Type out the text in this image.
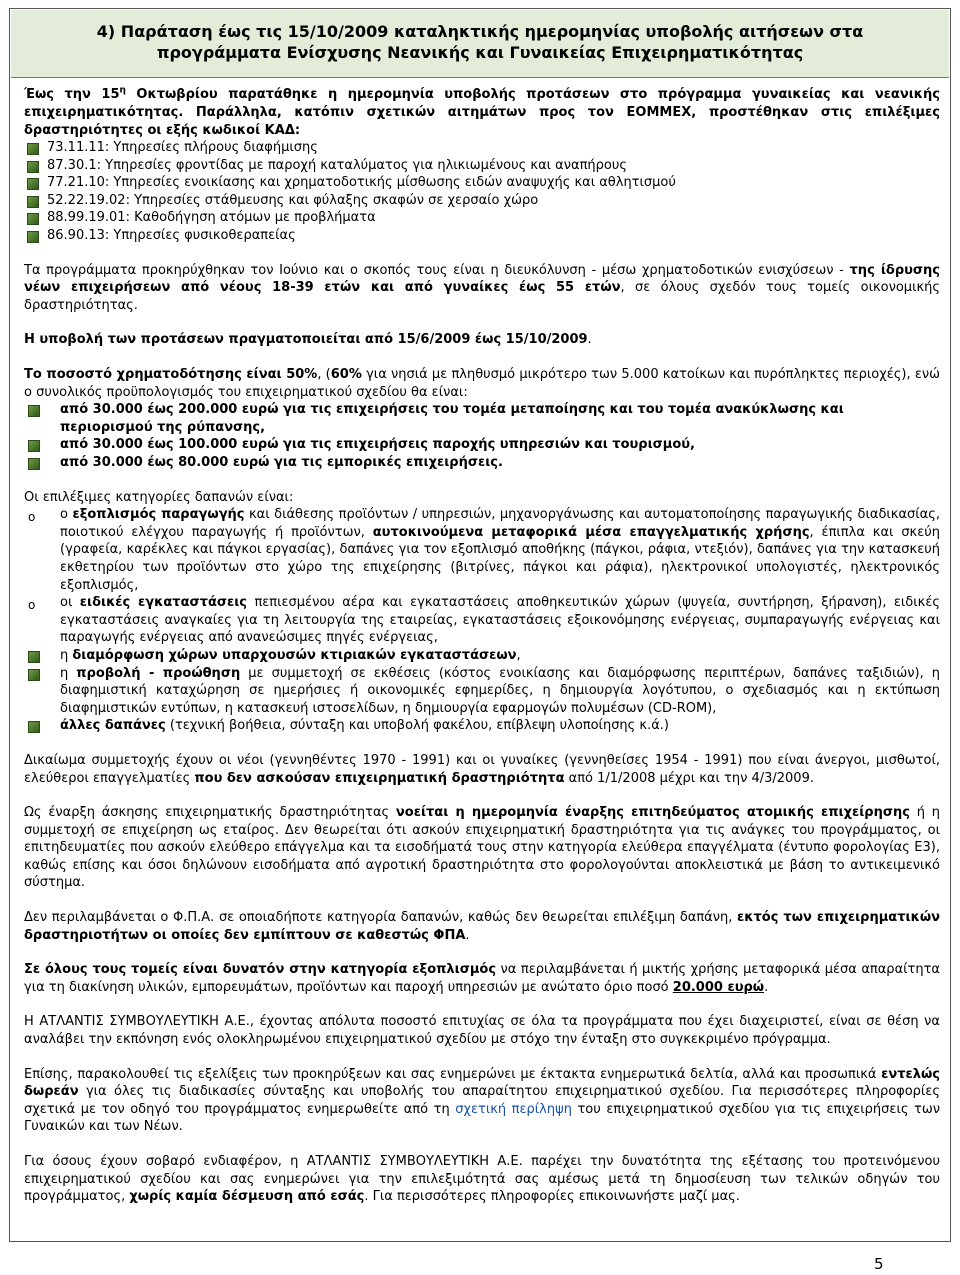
4) Παράταση έως τις 15/10/2009 καταληκτικής ημερομηνίας υποβολής αιτήσεων στα
προγράμματα Ενίσχυσης Νεανικής και Γυναικείας Επιχειρηματικότητας

Έως την $15^\eta$ Οκτωβρίου παρατάθηκε η ημερομηνία υποβολής προτάσεων στο πρόγραμμα γυναικείας και νεανικής επιχειρηματικότητας. Παράλληλα, κατόπιν σχετικών αιτημάτων προς τον ΕΟΜΜΕΧ, προστέθηκαν στις επιλέξιμες δραστηριότητες οι εξής κωδικοί ΚΑΔ:

73.11.11: Υπηρεσίες πλήρους διαφήμισης
87.30.1: Υπηρεσίες φροντίδας με παροχή καταλύματος για ηλικιωμένους και αναπήρους
77.21.10: Υπηρεσίες ενοικίασης και χρηματοδοτικής μίσθωσης ειδών αναψυχής και αθλητισμού
52.22.19.02: Υπηρεσίες στάθμευσης και φύλαξης σκαφών σε χερσαίο χώρο
88.99.19.01: Καθοδήγηση ατόμων με προβλήματα
86.90.13: Υπηρεσίες φυσικοθεραπείας

Τα προγράμματα προκηρύχθηκαν τον Ιούνιο και ο σκοπός τους είναι η διευκόλυνση - μέσω χρηματοδοτικών ενισχύσεων - της ίδρυσης νέων επιχειρήσεων από νέους 18-39 ετών και από γυναίκες έως 55 ετών, σε όλους σχεδόν τους τομείς οικονομικής δραστηριότητας.

Η υποβολή των προτάσεων πραγματοποιείται από 15/6/2009 έως 15/10/2009.

Το ποσοστό χρηματοδότησης είναι 50%, (60% για νησιά με πληθυσμό μικρότερο των 5.000 κατοίκων και πυρόπληκτες περιοχές), ενώ ο συνολικός προϋπολογισμός του επιχειρηματικού σχεδίου θα είναι:

από 30.000 έως 200.000 ευρώ για τις επιχειρήσεις του τομέα μεταποίησης και του τομέα ανακύκλωσης και περιορισμού της ρύπανσης,
από 30.000 έως 100.000 ευρώ για τις επιχειρήσεις παροχής υπηρεσιών και τουρισμού,
από 30.000 έως 80.000 ευρώ για τις εμπορικές επιχειρήσεις.

Οι επιλέξιμες κατηγορίες δαπανών είναι:

o ο εξοπλισμός παραγωγής και διάθεσης προϊόντων / υπηρεσιών, μηχανοργάνωσης και αυτοματοποίησης παραγωγικής διαδικασίας, ποιοτικού ελέγχου παραγωγής ή προϊόντων, αυτοκινούμενα μεταφορικά μέσα επαγγελματικής χρήσης, έπιπλα και σκεύη (γραφεία, καρέκλες και πάγκοι εργασίας), δαπάνες για τον εξοπλισμό αποθήκης (πάγκοι, ράφια, ντεξιόν), δαπάνες για την κατασκευή εκθετηρίου των προϊόντων στο χώρο της επιχείρησης (βιτρίνες, πάγκοι και ράφια), ηλεκτρονικοί υπολογιστές, ηλεκτρονικός εξοπλισμός,
o οι ειδικές εγκαταστάσεις πεπιεσμένου αέρα και εγκαταστάσεις αποθηκευτικών χώρων (ψυγεία, συντήρηση, ξήρανση), ειδικές εγκαταστάσεις αναγκαίες για τη λειτουργία της εταιρείας, εγκαταστάσεις εξοικονόμησης ενέργειας, συμπαραγωγής ενέργειας και παραγωγής ενέργειας από ανανεώσιμες πηγές ενέργειας,
η διαμόρφωση χώρων υπαρχουσών κτιριακών εγκαταστάσεων,
η προβολή - προώθηση με συμμετοχή σε εκθέσεις (κόστος ενοικίασης και διαμόρφωσης περιπτέρων, δαπάνες ταξιδιών), η διαφημιστική καταχώρηση σε ημερήσιες ή οικονομικές εφημερίδες, η δημιουργία λογότυπου, ο σχεδιασμός και η εκτύπωση διαφημιστικών εντύπων, η κατασκευή ιστοσελίδων, η δημιουργία εφαρμογών πολυμέσων (CD-ROM),
άλλες δαπάνες (τεχνική βοήθεια, σύνταξη και υποβολή φακέλου, επίβλεψη υλοποίησης κ.ά.)

Δικαίωμα συμμετοχής έχουν οι νέοι (γεννηθέντες 1970 - 1991) και οι γυναίκες (γεννηθείσες 1954 - 1991) που είναι άνεργοι, μισθωτοί, ελεύθεροι επαγγελματίες που δεν ασκούσαν επιχειρηματική δραστηριότητα από 1/1/2008 μέχρι και την 4/3/2009.

Ως έναρξη άσκησης επιχειρηματικής δραστηριότητας νοείται η ημερομηνία έναρξης επιτηδεύματος ατομικής επιχείρησης ή η συμμετοχή σε επιχείρηση ως εταίρος. Δεν θεωρείται ότι ασκούν επιχειρηματική δραστηριότητα για τις ανάγκες του προγράμματος, οι επιτηδευματίες που ασκούν ελεύθερο επάγγελμα και τα εισοδήματά τους στην κατηγορία ελεύθερα επαγγέλματα (έντυπο φορολογίας Ε3), καθώς επίσης και όσοι δηλώνουν εισοδήματα από αγροτική δραστηριότητα στο φορολογούνται αποκλειστικά με βάση το αντικειμενικό σύστημα.

Δεν περιλαμβάνεται ο Φ.Π.Α. σε οποιαδήποτε κατηγορία δαπανών, καθώς δεν θεωρείται επιλέξιμη δαπάνη, εκτός των επιχειρηματικών δραστηριοτήτων οι οποίες δεν εμπίπτουν σε καθεστώς ΦΠΑ.

Σε όλους τους τομείς είναι δυνατόν στην κατηγορία εξοπλισμός να περιλαμβάνεται ή μικτής χρήσης μεταφορικά μέσα απαραίτητα για τη διακίνηση υλικών, εμπορευμάτων, προϊόντων και παροχή υπηρεσιών με ανώτατο όριο ποσό 20.000 ευρώ.

Η ΑΤΛΑΝΤΙΣ ΣΥΜΒΟΥΛΕΥΤΙΚΗ Α.Ε., έχοντας απόλυτα ποσοστό επιτυχίας σε όλα τα προγράμματα που έχει διαχειριστεί, είναι σε θέση να αναλάβει την εκπόνηση ενός ολοκληρωμένου επιχειρηματικού σχεδίου με στόχο την ένταξη στο συγκεκριμένο πρόγραμμα.

Επίσης, παρακολουθεί τις εξελίξεις των προκηρύξεων και σας ενημερώνει με έκτακτα ενημερωτικά δελτία, αλλά και προσωπικά εντελώς δωρεάν για όλες τις διαδικασίες σύνταξης και υποβολής του απαραίτητου επιχειρηματικού σχεδίου. Για περισσότερες πληροφορίες σχετικά με τον οδηγό του προγράμματος ενημερωθείτε από τη σχετική περίληψη του επιχειρηματικού σχεδίου για τις επιχειρήσεις των Γυναικών και των Νέων.

Για όσους έχουν σοβαρό ενδιαφέρον, η ΑΤΛΑΝΤΙΣ ΣΥΜΒΟΥΛΕΥΤΙΚΗ Α.Ε. παρέχει την δυνατότητα της εξέτασης του προτεινόμενου επιχειρηματικού σχεδίου και σας ενημερώνει για την επιλεξιμότητά σας αμέσως μετά τη δημοσίευση των τελικών οδηγών του προγράμματος, χωρίς καμία δέσμευση από εσάς. Για περισσότερες πληροφορίες επικοινωνήστε μαζί μας.

5
